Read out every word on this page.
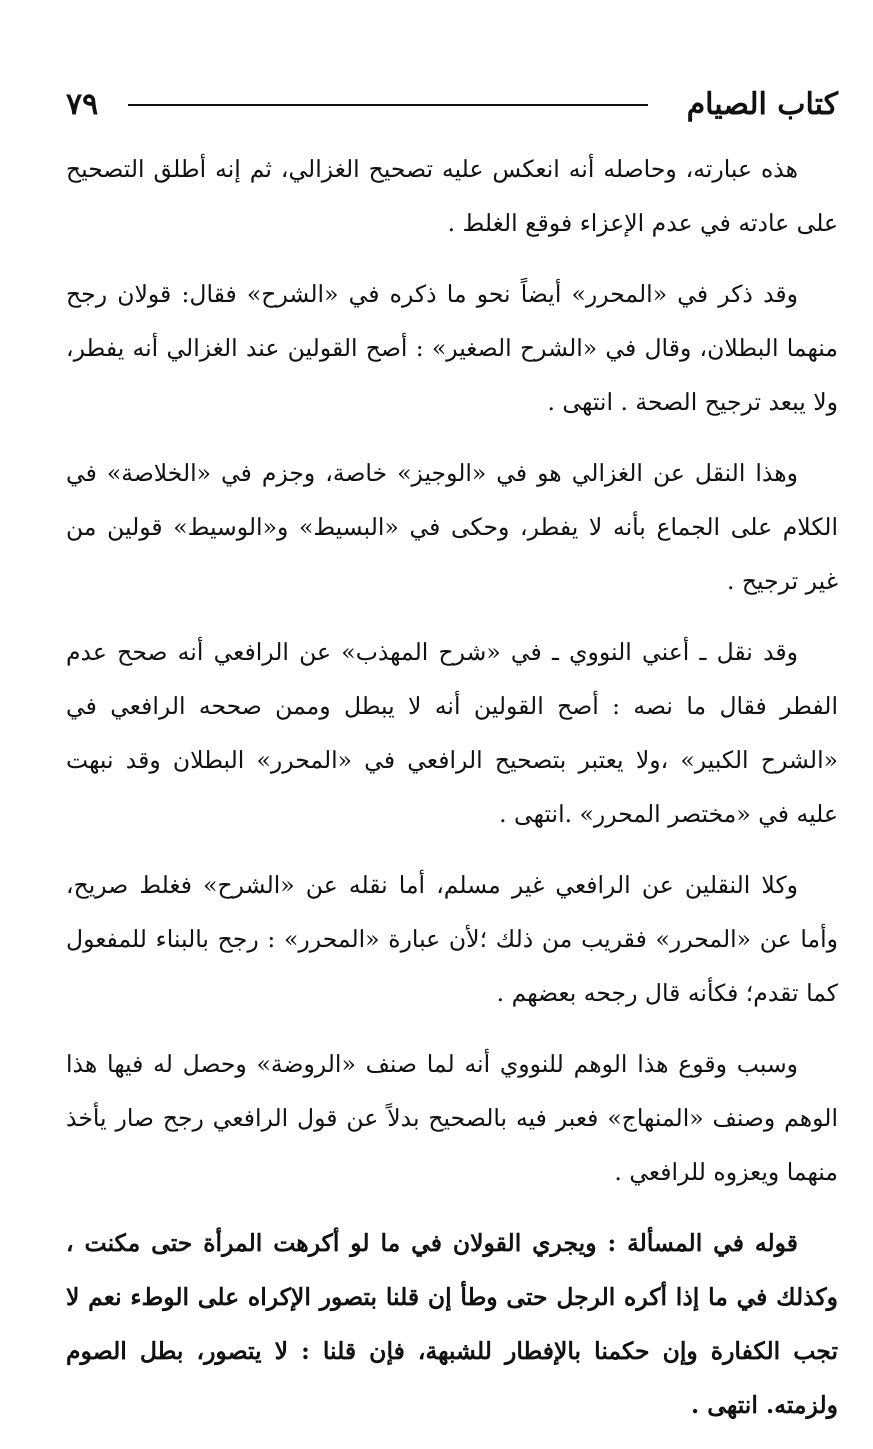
كتاب الصيام
٧٩

هذه عبارته، وحاصله أنه انعكس عليه تصحيح الغزالي، ثم إنه أطلق التصحيح على عادته في عدم الإعزاء فوقع الغلط .

وقد ذكر في «المحرر» أيضاً نحو ما ذكره في «الشرح» فقال: قولان رجح منهما البطلان، وقال في «الشرح الصغير» : أصح القولين عند الغزالي أنه يفطر، ولا يبعد ترجيح الصحة . انتهى .

وهذا النقل عن الغزالي هو في «الوجيز» خاصة، وجزم في «الخلاصة» في الكلام على الجماع بأنه لا يفطر، وحكى في «البسيط» و«الوسيط» قولين من غير ترجيح .

وقد نقل ـ أعني النووي ـ في «شرح المهذب» عن الرافعي أنه صحح عدم الفطر فقال ما نصه : أصح القولين أنه لا يبطل وممن صححه الرافعي في «الشرح الكبير» ،ولا يعتبر بتصحيح الرافعي في «المحرر» البطلان وقد نبهت عليه في «مختصر المحرر» .انتهى .

وكلا النقلين عن الرافعي غير مسلم، أما نقله عن «الشرح» فغلط صريح، وأما عن «المحرر» فقريب من ذلك ؛لأن عبارة «المحرر» : رجح بالبناء للمفعول كما تقدم؛ فكأنه قال رجحه بعضهم .

وسبب وقوع هذا الوهم للنووي أنه لما صنف «الروضة» وحصل له فيها هذا الوهم وصنف «المنهاج» فعبر فيه بالصحيح بدلاً عن قول الرافعي رجح صار يأخذ منهما ويعزوه للرافعي .

قوله في المسألة : ويجري القولان في ما لو أكرهت المرأة حتى مكنت ، وكذلك في ما إذا أكره الرجل حتى وطأ إن قلنا بتصور الإكراه على الوطء نعم لا تجب الكفارة وإن حكمنا بالإفطار للشبهة، فإن قلنا : لا يتصور، بطل الصوم ولزمته. انتهى .
